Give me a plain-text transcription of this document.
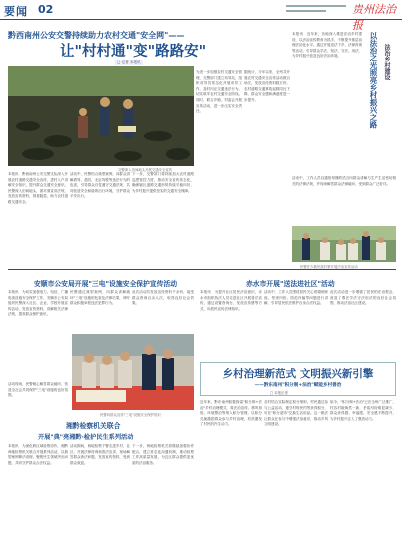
要闻 02	贵州法治报
黔西南州公安交警持续助力农村交通"安全网"——
让"村村通"变"路路安"
□ 记者 本报讯
交警深入田间地头开展交通安全宣传
本报讯　黔西南州公安交警支队深入开展农村道路交通安全宣传，进村入户讲解安全知识，提升群众交通安全意识。民警深入田间地头，面对面宣讲法规，发放宣传资料，排查隐患，助力农村道路交通安全。
活动中，民警结合典型案例，向群众讲解酒驾、超员、无证驾驶等违法行为的危害，引导群众自觉遵守交通法规，共同营造安全和谐的出行环境，守护群众平安出行。
下一步，交警部门将持续加大农村道路巡逻管控力度，推动安全宣传常态化，确保辖区道路交通形势持续平稳向好，为乡村振兴提供坚实的交通安全保障。
为进一步加强农村交通安全管理，交警部门建立劝导站，组织劝导员常态化开展劝导工作，及时纠正交通违法行为，切实筑牢农村交通安全防线。同时，联合乡镇、村委会开展宣传活动，进一步压实安全责任。
据统计，今年以来，全州共开展农村交通安全宣传活动数百场次，发放宣传资料数万份，农村道路交通事故起数同比下降，群众安全感和满意度进一步提升。
本报讯　近年来，各地深入推进法治乡村建设，以法治宣传教育为抓手，不断提升基层治理法治化水平。通过开展送法下乡、法律咨询等活动，引导群众学法、知法、守法、用法，为乡村振兴营造良好法治环境。	以法治之光照亮乡村振兴之路 法治乡村建设
活动中，工作人员以通俗易懂的语言向群众讲解与生产生活密切相关的法律法规，并现场解答群众法律疑问，受到群众广泛好评。
民警在少数民族村寨开展法治宣传活动
安顺市公安局开展"三电"设施安全保护宣传活动
本报讯　为切实加强电力、电信、广播电视设施安全保护工作，安顺市公安局组织民警深入社区、企业、学校开展宣传活动，发放宣传资料，讲解相关法律法规，提高群众保护意识。
活动现场，民警耐心解答群众疑问，营造全社会共同保护"三电"设施的良好氛围。
民警通过典型案例，向群众讲解破坏"三电"设施的危害及法律后果，呼吁群众积极举报违法犯罪行为。
此次活动共发放宣传资料千余份，接受群众咨询百余人次，取得良好社会效果。
民警向群众宣传"三电"设施安全保护知识
赤水市开展"送法进社区"活动
本报讯　为提升社区居民法治意识，赤水市组织执法人员走进社区开展普法宣传，通过设置咨询台、发放宣传册等方式，向居民宣传法律知识。
活动中，工作人员围绕居民关心的婚姻家庭、邻里纠纷、防范诈骗等问题进行讲解，引导居民依法维护自身合法权益。
此次活动进一步增强了居民的法治观念，营造了尊法学法守法用法的良好社会氛围，推动法治社区建设。
乡村治理新范式 文明振兴新引擎
——黔东南州"积分制+法治"赋能乡村善治
□ 本报记者
近年来，黔东南州积极探索"积分制+法治"乡村治理模式，将法治宣传、移风易俗、环境整治等纳入积分管理，以积分兑换激励群众参与乡村治理，有效激发了村民的内生动力。
各村结合实际制定积分细则，村民通过参与公益活动、遵守村规民约等获得积分，可在"积分超市"兑换生活用品。这一做法让群众在参与中增强法治意识，推动乡风文明建设。
如今，"积分制+法治"已在全州广泛推广，村容村貌焕然一新，矛盾纠纷明显减少，群众获得感、幸福感、安全感不断提升，为乡村振兴注入了强劲动力。
湘黔检察机关联合
开展"典"亮湘黔·检护民生系列活动
本报讯　为深化跨区域检察协作，湘黔两地检察机关联合开展系列活动，以典型案例释法说理，聚焦民生领域突出问题，共同守护群众合法权益。
活动期间，两地检察干警走进乡村、社区，开展法律咨询和普法宣讲，现场解答群众涉法问题，发放宣传资料，受到群众欢迎。
下一步，两地检察机关将继续加强协作配合，建立常态化沟通机制，推动检察工作高质量发展，为边区群众提供更优质的法治服务。
